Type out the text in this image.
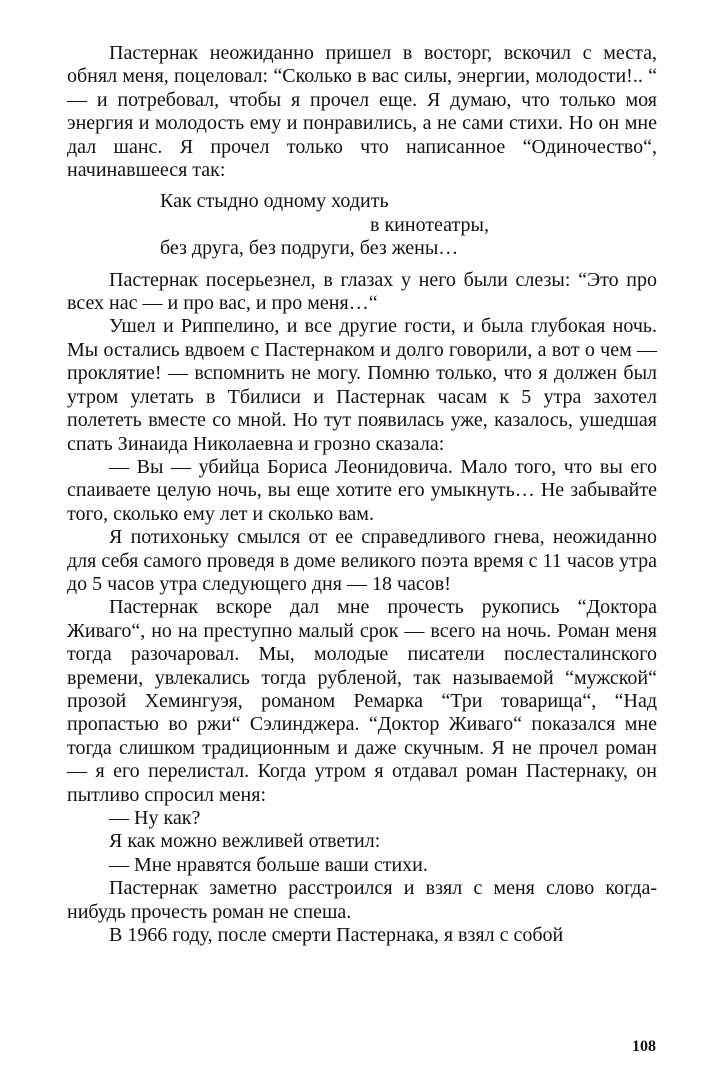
Пастернак неожиданно пришел в восторг, вскочил с места, обнял меня, поцеловал: “Сколько в вас силы, энергии, молодости!.. “ — и потребовал, чтобы я прочел еще. Я думаю, что только моя энергия и молодость ему и понравились, а не сами стихи. Но он мне дал шанс. Я прочел только что написанное “Одиночество“, начинавшееся так:

Как стыдно одному ходить
в кинотеатры,
без друга, без подруги, без жены…

Пастернак посерьезнел, в глазах у него были слезы: “Это про всех нас — и про вас, и про меня…“

Ушел и Риппелино, и все другие гости, и была глубокая ночь. Мы остались вдвоем с Пастернаком и долго говорили, а вот о чем — проклятие! — вспомнить не могу. Помню только, что я должен был утром улетать в Тбилиси и Пастернак часам к 5 утра захотел полететь вместе со мной. Но тут появилась уже, казалось, ушедшая спать Зинаида Николаевна и грозно сказала:

— Вы — убийца Бориса Леонидовича. Мало того, что вы его спаиваете целую ночь, вы еще хотите его умыкнуть… Не забывайте того, сколько ему лет и сколько вам.

Я потихоньку смылся от ее справедливого гнева, неожиданно для себя самого проведя в доме великого поэта время с 11 часов утра до 5 часов утра следующего дня — 18 часов!

Пастернак вскоре дал мне прочесть рукопись “Доктора Живаго“, но на преступно малый срок — всего на ночь. Роман меня тогда разочаровал. Мы, молодые писатели послесталинского времени, увлекались тогда рубленой, так называемой “мужской“ прозой Хемингуэя, романом Ремарка “Три товарища“, “Над пропастью во ржи“ Сэлинджера. “Доктор Живаго“ показался мне тогда слишком традиционным и даже скучным. Я не прочел роман — я его перелистал. Когда утром я отдавал роман Пастернаку, он пытливо спросил меня:

— Ну как?

Я как можно вежливей ответил:

— Мне нравятся больше ваши стихи.

Пастернак заметно расстроился и взял с меня слово когда-нибудь прочесть роман не спеша.

В 1966 году, после смерти Пастернака, я взял с собой

108
